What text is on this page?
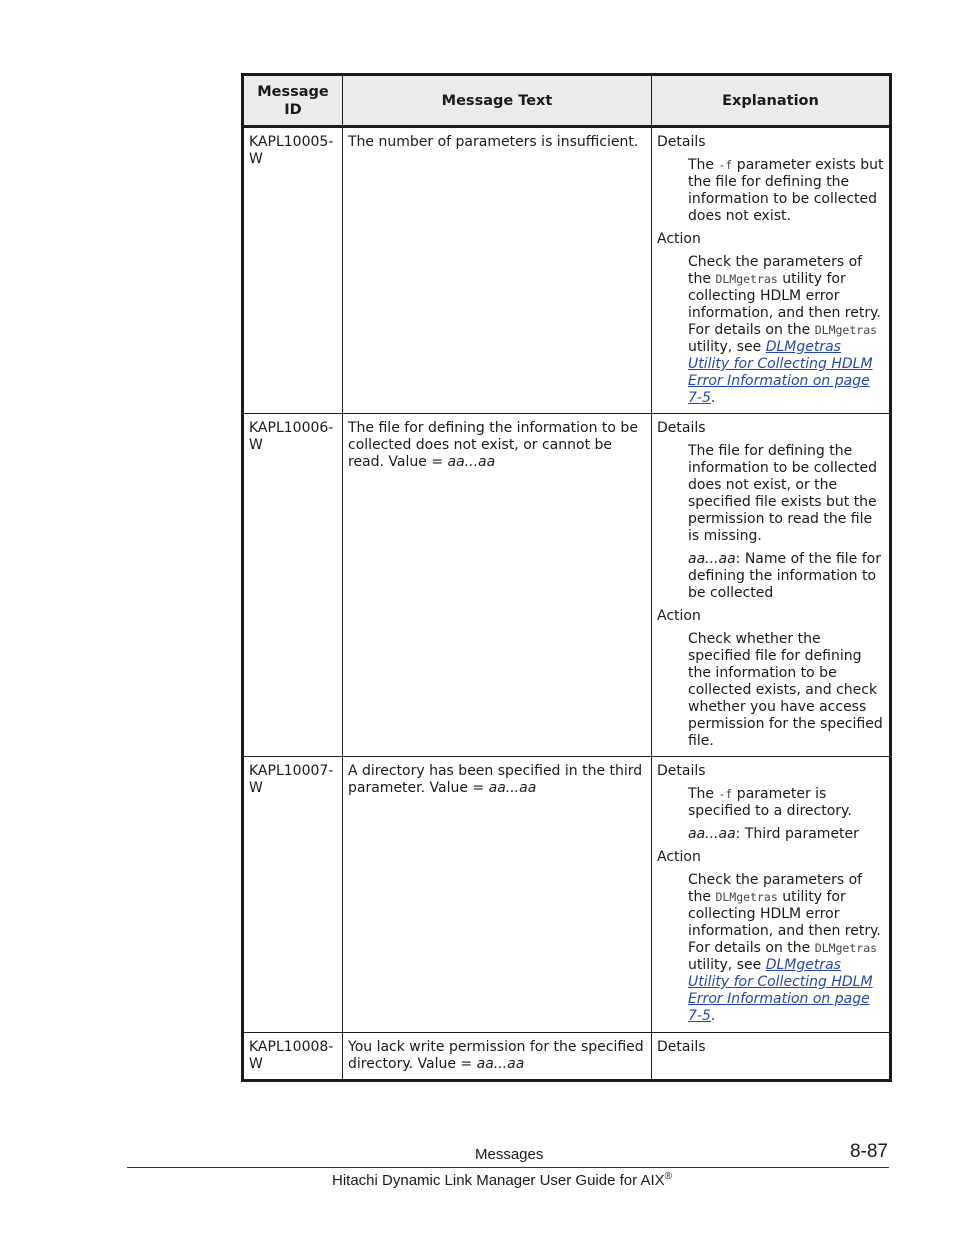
Message ID	Message Text	Explanation
KAPL10005-W	The number of parameters is insufficient.	Details
The -f parameter exists but the file for defining the information to be collected does not exist.
Action
Check the parameters of the DLMgetras utility for collecting HDLM error information, and then retry. For details on the DLMgetras utility, see DLMgetras Utility for Collecting HDLM Error Information on page 7-5.

KAPL10006-W	The file for defining the information to be collected does not exist, or cannot be read. Value = aa...aa	Details
The file for defining the information to be collected does not exist, or the specified file exists but the permission to read the file is missing.
aa...aa: Name of the file for defining the information to be collected
Action
Check whether the specified file for defining the information to be collected exists, and check whether you have access permission for the specified file.

KAPL10007-W	A directory has been specified in the third parameter. Value = aa...aa	Details
The -f parameter is specified to a directory.
aa...aa: Third parameter
Action
Check the parameters of the DLMgetras utility for collecting HDLM error information, and then retry. For details on the DLMgetras utility, see DLMgetras Utility for Collecting HDLM Error Information on page 7-5.

KAPL10008-W	You lack write permission for the specified directory. Value = aa...aa	Details
Messages	8-87
Hitachi Dynamic Link Manager User Guide for AIX®
